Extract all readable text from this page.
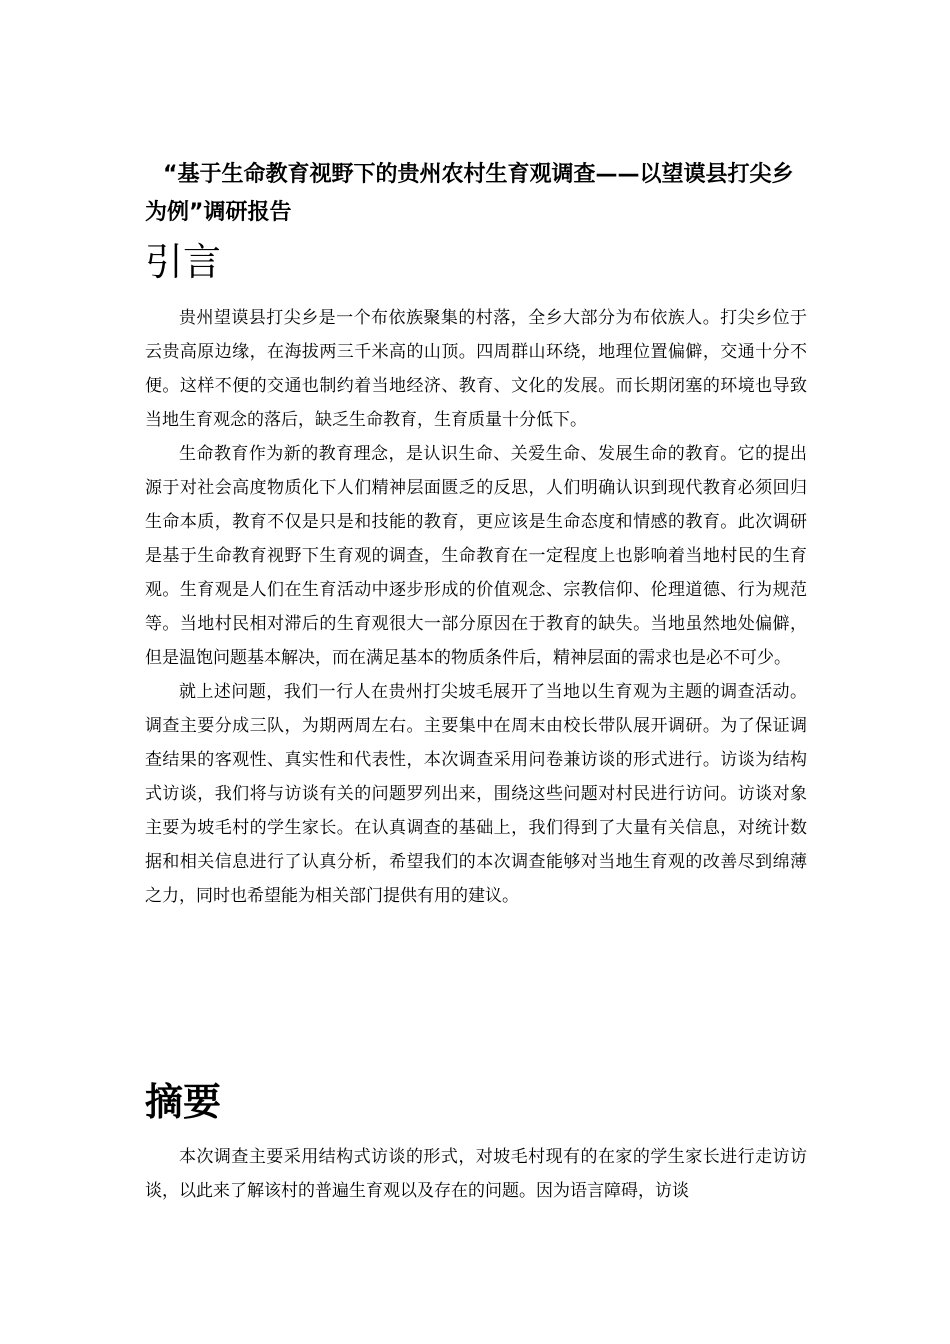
“基于生命教育视野下的贵州农村生育观调查——以望谟县打尖乡为例”调研报告
引言

贵州望谟县打尖乡是一个布依族聚集的村落，全乡大部分为布依族人。打尖乡位于云贵高原边缘，在海拔两三千米高的山顶。四周群山环绕，地理位置偏僻，交通十分不便。这样不便的交通也制约着当地经济、教育、文化的发展。而长期闭塞的环境也导致当地生育观念的落后，缺乏生命教育，生育质量十分低下。

生命教育作为新的教育理念，是认识生命、关爱生命、发展生命的教育。它的提出源于对社会高度物质化下人们精神层面匮乏的反思，人们明确认识到现代教育必须回归生命本质，教育不仅是只是和技能的教育，更应该是生命态度和情感的教育。此次调研是基于生命教育视野下生育观的调查，生命教育在一定程度上也影响着当地村民的生育观。生育观是人们在生育活动中逐步形成的价值观念、宗教信仰、伦理道德、行为规范等。当地村民相对滞后的生育观很大一部分原因在于教育的缺失。当地虽然地处偏僻，但是温饱问题基本解决，而在满足基本的物质条件后，精神层面的需求也是必不可少。

就上述问题，我们一行人在贵州打尖坡毛展开了当地以生育观为主题的调查活动。调查主要分成三队，为期两周左右。主要集中在周末由校长带队展开调研。为了保证调查结果的客观性、真实性和代表性，本次调查采用问卷兼访谈的形式进行。访谈为结构式访谈，我们将与访谈有关的问题罗列出来，围绕这些问题对村民进行访问。访谈对象主要为坡毛村的学生家长。在认真调查的基础上，我们得到了大量有关信息，对统计数据和相关信息进行了认真分析，希望我们的本次调查能够对当地生育观的改善尽到绵薄之力，同时也希望能为相关部门提供有用的建议。

摘要

本次调查主要采用结构式访谈的形式，对坡毛村现有的在家的学生家长进行走访访谈，以此来了解该村的普遍生育观以及存在的问题。因为语言障碍，访谈
